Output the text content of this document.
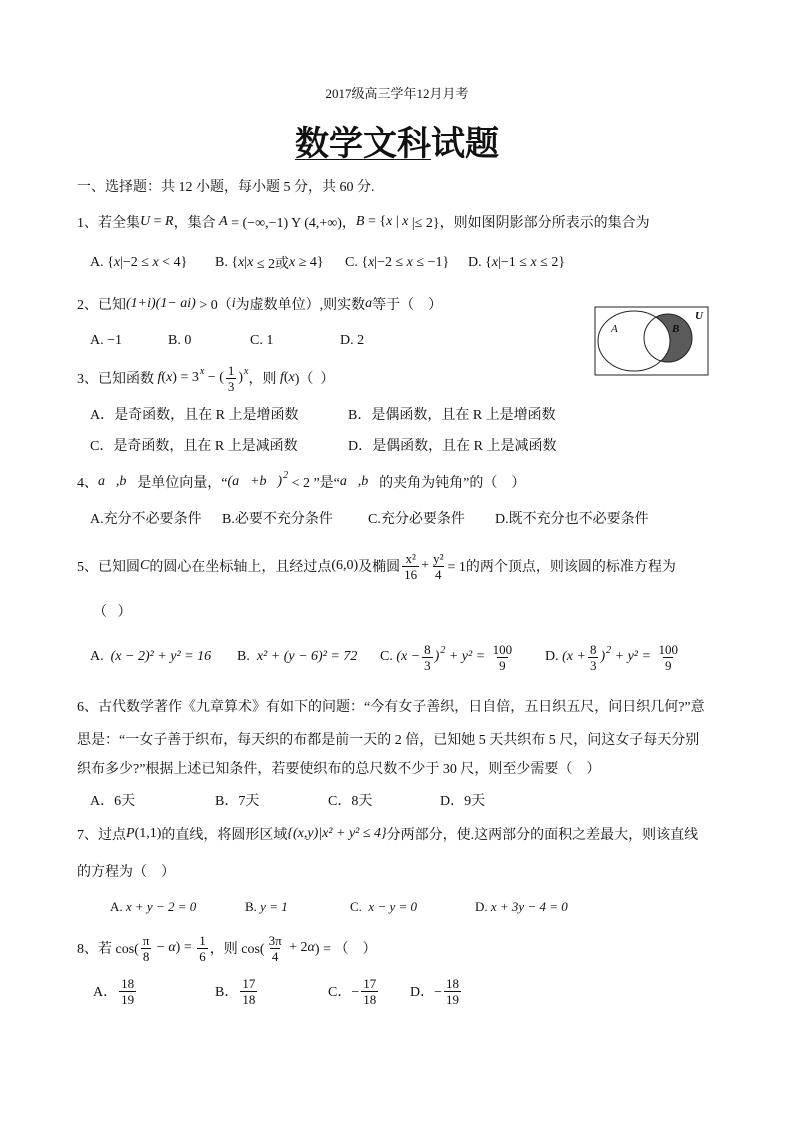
2017级高三学年12月月考
数学文科 试题
一、选择题：共 12 小题，每小题 5 分，共 60 分.
1、若全集 U = R ，集合 A = (−∞,−1) Υ (4,+∞)， B = { x | x |≤ 2}，则如图阴影部分所表示的集合为
A. { x |−2 ≤ x < 4} B. { x | x ≤ 2或 x ≥ 4} C. { x |−2 ≤ x ≤ −1} D. { x |−1 ≤ x ≤ 2}
2、已知 (1+i)(1− ai) > 0（ i 为虚数单位）,则实数 a 等于（    ）
A. −1	B. 0	C. 1	D. 2
A	B
U
3、已知函数 f ( x ) = 3 x − ( $\frac{1}{3}$ ) x
，则 f ( x )（  ）
A．是奇函数，且在 R 上是增函数	B．是偶函数，且在 R 上是增函数
C．是奇函数，且在 R 上是减函数	D．是偶函数，且在 R 上是减函数
4、 a⃗,b⃗ 是单位向量，“ (a⃗+b⃗) 2
< 2 ”是“ a⃗,b⃗ 的夹角为钝角”的（    ）
A.充分不必要条件 B.必要不充分条件	C.充分必要条件 D.既不充分也不必要条件
5、已知圆 C 的圆心在坐标轴上，且经过点 (6,0) 及椭圆 $\frac{\text{x²}}{16} + \frac{\text{y²}}{4} = 1$的两个顶点，则该圆的标准方程为
（   ）
A. (x − 2)² + y² = 16 B. x² + (y − 6)² = 72 C. ($x - \frac{8}{3}$ ) $2 + y^2 = \frac{100}{9} D$. ($x + \frac{8}{3}$ ) $2 + y^2 = \frac{100}{9}$
6、古代数学著作《九章算术》有如下的问题：“今有女子善织，日自倍，五日织五尺，问日织几何?”意
思是：“一女子善于织布，每天织的布都是前一天的 2 倍，已知她 5 天共织布 5 尺，问这女子每天分别
织布多少?”根据上述已知条件，若要使织布的总尺数不少于 30 尺，则至少需要（    ）
A．6天	B．7天	C．8天	D．9天
7、过点 P (1,1) 的直线，将圆形区域 {(x,y)|x² + y² ≤ 4} 分两部分，使.这两部分的面积之差最大，则该直线
的方程为（    ）
A. x + y − 2 = 0	B. y = 1	C. x − y = 0	D. x + 3y − 4 = 0
8、若 $\cos( \frac{\pi}{8} - \alpha$ ) = $\frac{1}{6}$ ，则 $\cos( \frac{3\pi}{4} + 2$ α ) = （    ）
A． $\frac{18}{19}$	B． $\frac{17}{18}$	C．− $\frac{17}{18}$ D．− $\frac{18}{19}$
